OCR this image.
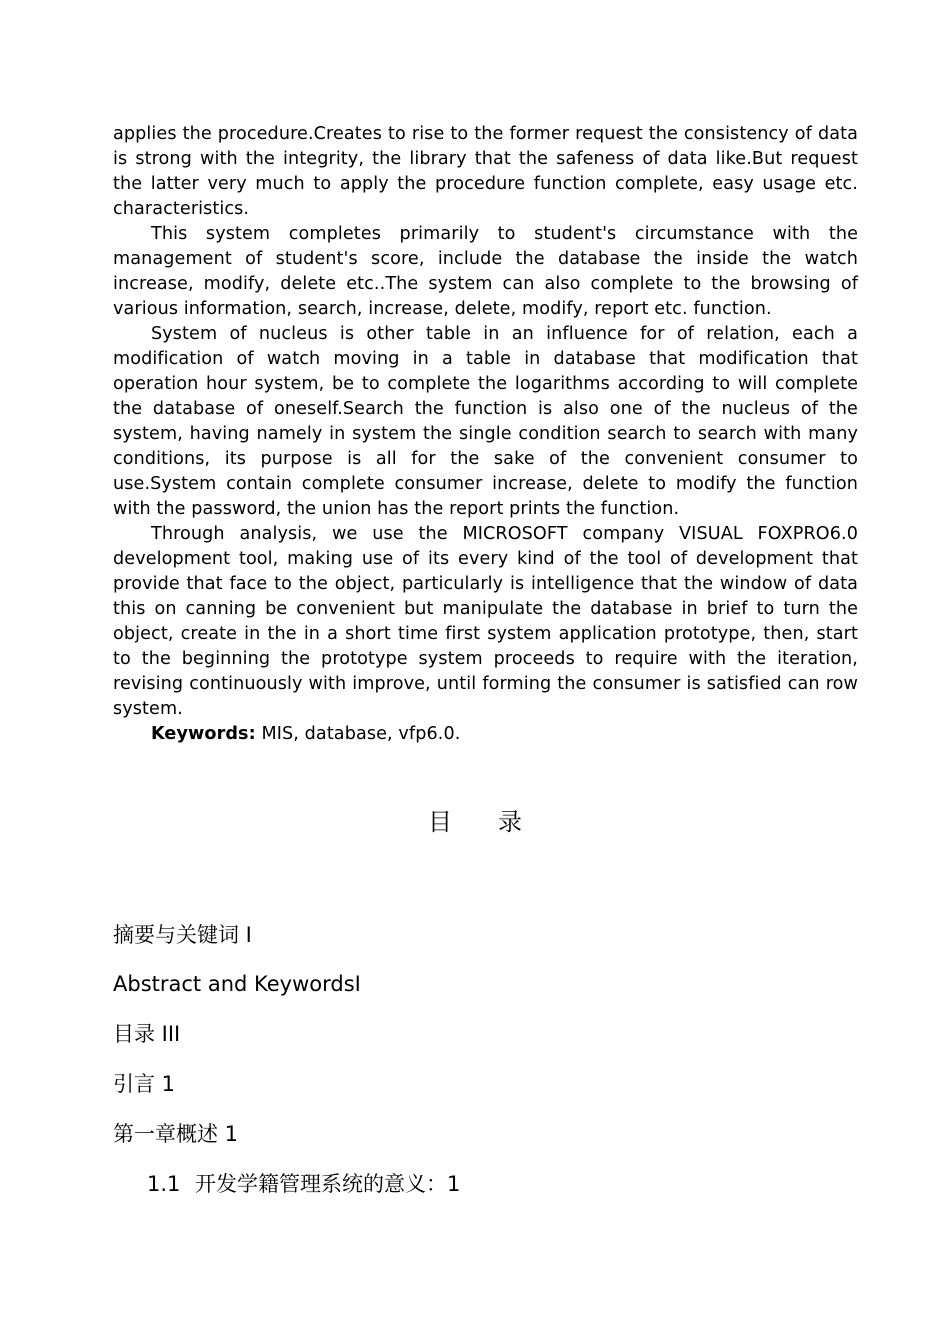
applies the procedure.Creates to rise to the former request the consistency of data is strong with the integrity, the library that the safeness of data like.But request the latter very much to apply the procedure function complete, easy usage etc. characteristics.

This system completes primarily to student's circumstance with the management of student's score, include the database the inside the watch increase, modify, delete etc..The system can also complete to the browsing of various information, search, increase, delete, modify, report etc. function.

System of nucleus is other table in an influence for of relation, each a modification of watch moving in a table in database that modification that operation hour system, be to complete the logarithms according to will complete the database of oneself.Search the function is also one of the nucleus of the system, having namely in system the single condition search to search with many conditions, its purpose is all for the sake of the convenient consumer to use.System contain complete consumer increase, delete to modify the function with the password, the union has the report prints the function.

Through analysis, we use the MICROSOFT company VISUAL FOXPRO6.0 development tool, making use of its every kind of the tool of development that provide that face to the object, particularly is intelligence that the window of data this on canning be convenient but manipulate the database in brief to turn the object, create in the in a short time first system application prototype, then, start to the beginning the prototype system proceeds to require with the iteration, revising continuously with improve, until forming the consumer is satisfied can row system.

Keywords: MIS, database, vfp6.0.

目 录
摘要与关键词 I
Abstract and KeywordsI
目录 III
引言 1
第一章概述 1
1.1 开发学籍管理系统的意义：1
